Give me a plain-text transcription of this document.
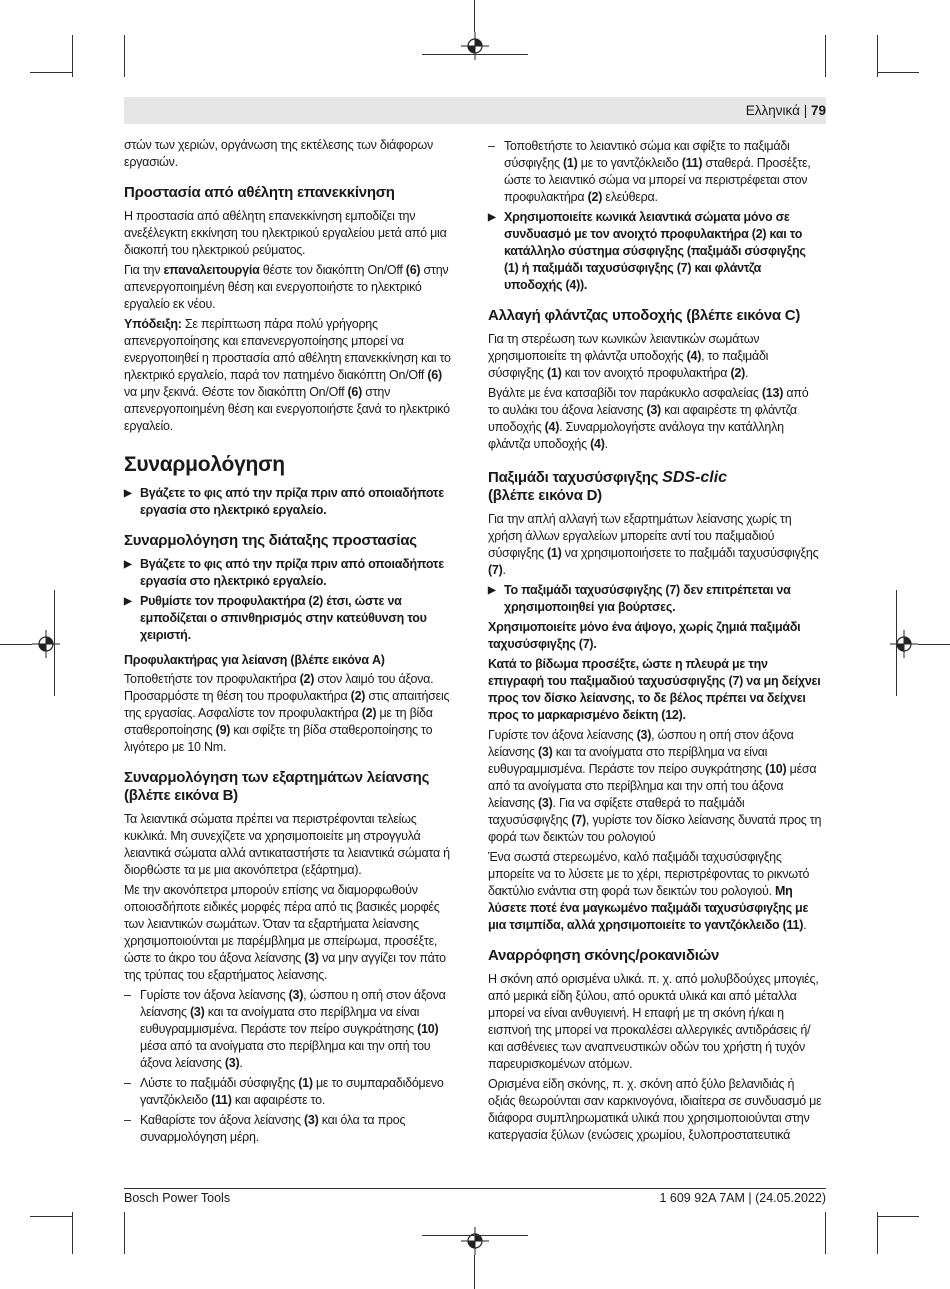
Ελληνικά | 79

στών των χεριών, οργάνωση της εκτέλεσης των διάφορων εργασιών.

Προστασία από αθέλητη επανεκκίνηση

Η προστασία από αθέλητη επανεκκίνηση εμποδίζει την ανεξέλεγκτη εκκίνηση του ηλεκτρικού εργαλείου μετά από μια διακοπή του ηλεκτρικού ρεύματος.

Για την επαναλειτουργία θέστε τον διακόπτη On/Off (6) στην απενεργοποιημένη θέση και ενεργοποιήστε το ηλεκτρικό εργαλείο εκ νέου.

Υπόδειξη: Σε περίπτωση πάρα πολύ γρήγορης απενεργοποίησης και επανενεργοποίησης μπορεί να ενεργοποιηθεί η προστασία από αθέλητη επανεκκίνηση και το ηλεκτρικό εργαλείο, παρά τον πατημένο διακόπτη On/Off (6) να μην ξεκινά. Θέστε τον διακόπτη On/Off (6) στην απενεργοποιημένη θέση και ενεργοποιήστε ξανά το ηλεκτρικό εργαλείο.

Συναρμολόγηση
▶ Βγάζετε το φις από την πρίζα πριν από οποιαδήποτε εργασία στο ηλεκτρικό εργαλείο.
Συναρμολόγηση της διάταξης προστασίας
▶ Βγάζετε το φις από την πρίζα πριν από οποιαδήποτε εργασία στο ηλεκτρικό εργαλείο.
▶ Ρυθμίστε τον προφυλακτήρα (2) έτσι, ώστε να εμποδίζεται ο σπινθηρισμός στην κατεύθυνση του χειριστή.
Προφυλακτήρας για λείανση (βλέπε εικόνα A)

Τοποθετήστε τον προφυλακτήρα (2) στον λαιμό του άξονα. Προσαρμόστε τη θέση του προφυλακτήρα (2) στις απαιτήσεις της εργασίας. Ασφαλίστε τον προφυλακτήρα (2) με τη βίδα σταθεροποίησης (9) και σφίξτε τη βίδα σταθεροποίησης το λιγότερο με 10 Nm.

Συναρμολόγηση των εξαρτημάτων λείανσης (βλέπε εικόνα B)

Τα λειαντικά σώματα πρέπει να περιστρέφονται τελείως κυκλικά. Μη συνεχίζετε να χρησιμοποιείτε μη στρογγυλά λειαντικά σώματα αλλά αντικαταστήστε τα λειαντικά σώματα ή διορθώστε τα με μια ακονόπετρα (εξάρτημα).

Με την ακονόπετρα μπορούν επίσης να διαμορφωθούν οποιοσδήποτε ειδικές μορφές πέρα από τις βασικές μορφές των λειαντικών σωμάτων. Όταν τα εξαρτήματα λείανσης χρησιμοποιούνται με παρέμβλημα με σπείρωμα, προσέξτε, ώστε το άκρο του άξονα λείανσης (3) να μην αγγίζει τον πάτο της τρύπας του εξαρτήματος λείανσης.

– Γυρίστε τον άξονα λείανσης (3), ώσπου η οπή στον άξονα λείανσης (3) και τα ανοίγματα στο περίβλημα να είναι ευθυγραμμισμένα. Περάστε τον πείρο συγκράτησης (10) μέσα από τα ανοίγματα στο περίβλημα και την οπή του άξονα λείανσης (3).
– Λύστε το παξιμάδι σύσφιγξης (1) με το συμπαραδιδόμενο γαντζόκλειδο (11) και αφαιρέστε το.
– Καθαρίστε τον άξονα λείανσης (3) και όλα τα προς συναρμολόγηση μέρη.
– Τοποθετήστε το λειαντικό σώμα και σφίξτε το παξιμάδι σύσφιγξης (1) με το γαντζόκλειδο (11) σταθερά. Προσέξτε, ώστε το λειαντικό σώμα να μπορεί να περιστρέφεται στον προφυλακτήρα (2) ελεύθερα.
▶ Χρησιμοποιείτε κωνικά λειαντικά σώματα μόνο σε συνδυασμό με τον ανοιχτό προφυλακτήρα (2) και το κατάλληλο σύστημα σύσφιγξης (παξιμάδι σύσφιγξης (1) ή παξιμάδι ταχυσύσφιγξης (7) και φλάντζα υποδοχής (4)).
Αλλαγή φλάντζας υποδοχής (βλέπε εικόνα C)

Για τη στερέωση των κωνικών λειαντικών σωμάτων χρησιμοποιείτε τη φλάντζα υποδοχής (4), το παξιμάδι σύσφιγξης (1) και τον ανοιχτό προφυλακτήρα (2).

Βγάλτε με ένα κατσαβίδι τον παράκυκλο ασφαλείας (13) από το αυλάκι του άξονα λείανσης (3) και αφαιρέστε τη φλάντζα υποδοχής (4). Συναρμολογήστε ανάλογα την κατάλληλη φλάντζα υποδοχής (4).

Παξιμάδι ταχυσύσφιγξης SDS-clic
(βλέπε εικόνα D)

Για την απλή αλλαγή των εξαρτημάτων λείανσης χωρίς τη χρήση άλλων εργαλείων μπορείτε αντί του παξιμαδιού σύσφιγξης (1) να χρησιμοποιήσετε το παξιμάδι ταχυσύσφιγξης (7).

▶ Το παξιμάδι ταχυσύσφιγξης (7) δεν επιτρέπεται να χρησιμοποιηθεί για βούρτσες.

Χρησιμοποιείτε μόνο ένα άψογο, χωρίς ζημιά παξιμάδι ταχυσύσφιγξης (7).

Κατά το βίδωμα προσέξτε, ώστε η πλευρά με την επιγραφή του παξιμαδιού ταχυσύσφιγξης (7) να μη δείχνει προς τον δίσκο λείανσης, το δε βέλος πρέπει να δείχνει προς το μαρκαρισμένο δείκτη (12).

Γυρίστε τον άξονα λείανσης (3), ώσπου η οπή στον άξονα λείανσης (3) και τα ανοίγματα στο περίβλημα να είναι ευθυγραμμισμένα. Περάστε τον πείρο συγκράτησης (10) μέσα από τα ανοίγματα στο περίβλημα και την οπή του άξονα λείανσης (3). Για να σφίξετε σταθερά το παξιμάδι ταχυσύσφιγξης (7), γυρίστε τον δίσκο λείανσης δυνατά προς τη φορά των δεικτών του ρολογιού

Ένα σωστά στερεωμένο, καλό παξιμάδι ταχυσύσφιγξης μπορείτε να το λύσετε με το χέρι, περιστρέφοντας το ρικνωτό δακτύλιο ενάντια στη φορά των δεικτών του ρολογιού. Μη λύσετε ποτέ ένα μαγκωμένο παξιμάδι ταχυσύσφιγξης με μια τσιμπίδα, αλλά χρησιμοποιείτε το γαντζόκλειδο (11).

Αναρρόφηση σκόνης/ροκανιδιών

Η σκόνη από ορισμένα υλικά. π. χ. από μολυβδούχες μπογιές, από μερικά είδη ξύλου, από ορυκτά υλικά και από μέταλλα μπορεί να είναι ανθυγιεινή. Η επαφή με τη σκόνη ή/και η εισπνοή της μπορεί να προκαλέσει αλλεργικές αντιδράσεις ή/και ασθένειες των αναπνευστικών οδών του χρήστη ή τυχόν παρευρισκομένων ατόμων.

Ορισμένα είδη σκόνης, π. χ. σκόνη από ξύλο βελανιδιάς ή οξιάς θεωρούνται σαν καρκινογόνα, ιδιαίτερα σε συνδυασμό με διάφορα συμπληρωματικά υλικά που χρησιμοποιούνται στην κατεργασία ξύλων (ενώσεις χρωμίου, ξυλοπροστατευτικά

Bosch Power Tools	1 609 92A 7AM | (24.05.2022)
